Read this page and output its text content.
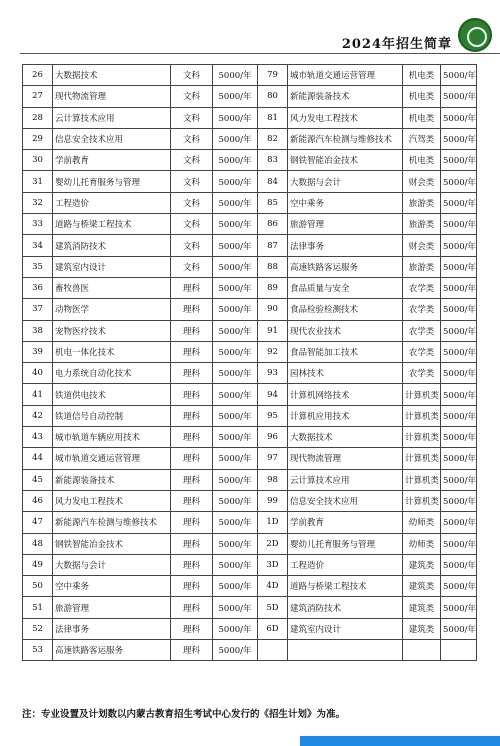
2024年招生简章
26	大数据技术	文科	5000/年	79	城市轨道交通运营管理	机电类	5000/年
27	现代物流管理	文科	5000/年	80	新能源装备技术	机电类	5000/年
28	云计算技术应用	文科	5000/年	81	风力发电工程技术	机电类	5000/年
29	信息安全技术应用	文科	5000/年	82	新能源汽车检测与维修技术	汽驾类	5000/年
30	学前教育	文科	5000/年	83	钢铁智能冶金技术	机电类	5000/年
31	婴幼儿托育服务与管理	文科	5000/年	84	大数据与会计	财会类	5000/年
32	工程造价	文科	5000/年	85	空中乘务	旅游类	5000/年
33	道路与桥梁工程技术	文科	5000/年	86	旅游管理	旅游类	5000/年
34	建筑消防技术	文科	5000/年	87	法律事务	财会类	5000/年
35	建筑室内设计	文科	5000/年	88	高速铁路客运服务	旅游类	5000/年
36	畜牧兽医	理科	5000/年	89	食品质量与安全	农学类	5000/年
37	动物医学	理科	5000/年	90	食品检验检测技术	农学类	5000/年
38	宠物医疗技术	理科	5000/年	91	现代农业技术	农学类	5000/年
39	机电一体化技术	理科	5000/年	92	食品智能加工技术	农学类	5000/年
40	电力系统自动化技术	理科	5000/年	93	园林技术	农学类	5000/年
41	铁道供电技术	理科	5000/年	94	计算机网络技术	计算机类	5000/年
42	铁道信号自动控制	理科	5000/年	95	计算机应用技术	计算机类	5000/年
43	城市轨道车辆应用技术	理科	5000/年	96	大数据技术	计算机类	5000/年
44	城市轨道交通运营管理	理科	5000/年	97	现代物流管理	计算机类	5000/年
45	新能源装备技术	理科	5000/年	98	云计算技术应用	计算机类	5000/年
46	风力发电工程技术	理科	5000/年	99	信息安全技术应用	计算机类	5000/年
47	新能源汽车检测与维修技术	理科	5000/年	1D	学前教育	幼师类	5000/年
48	钢铁智能冶金技术	理科	5000/年	2D	婴幼儿托育服务与管理	幼师类	5000/年
49	大数据与会计	理科	5000/年	3D	工程造价	建筑类	5000/年
50	空中乘务	理科	5000/年	4D	道路与桥梁工程技术	建筑类	5000/年
51	旅游管理	理科	5000/年	5D	建筑消防技术	建筑类	5000/年
52	法律事务	理科	5000/年	6D	建筑室内设计	建筑类	5000/年
53	高速铁路客运服务	理科	5000/年				
注：专业设置及计划数以内蒙古教育招生考试中心发行的《招生计划》为准。
